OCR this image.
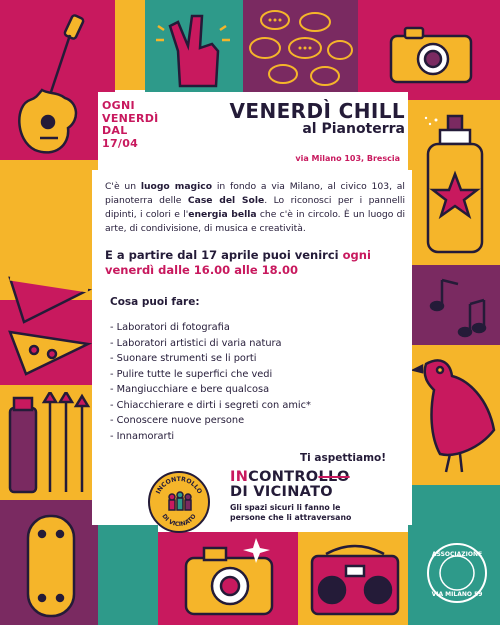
ASSOCIAZIONE
VIA MILANO 59
OGNI
VENERDÌ
DAL
17/04
VENERDÌ CHILL
al Pianoterra
via Milano 103, Brescia

C'è un luogo magico in fondo a via Milano, al civico 103, al pianoterra delle Case del Sole. Lo riconosci per i pannelli dipinti, i colori e l'energia bella che c'è in circolo. È un luogo di arte, di condivisione, di musica e creatività.

E a partire dal 17 aprile puoi venirci ogni venerdì dalle 16.00 alle 18.00

Cosa puoi fare:
- Laboratori di fotografia
- Laboratori artistici di varia natura
- Suonare strumenti se li porti
- Pulire tutte le superfici che vedi
- Mangiucchiare e bere qualcosa
- Chiacchierare e dirti i segreti con amic*
- Conoscere nuove persone
- Innamorarti
Ti aspettiamo!
INCONTROLLO
DI VICINATO
INCONTROLLO
DI VICINATO
Gli spazi sicuri li fanno le
persone che li attraversano
